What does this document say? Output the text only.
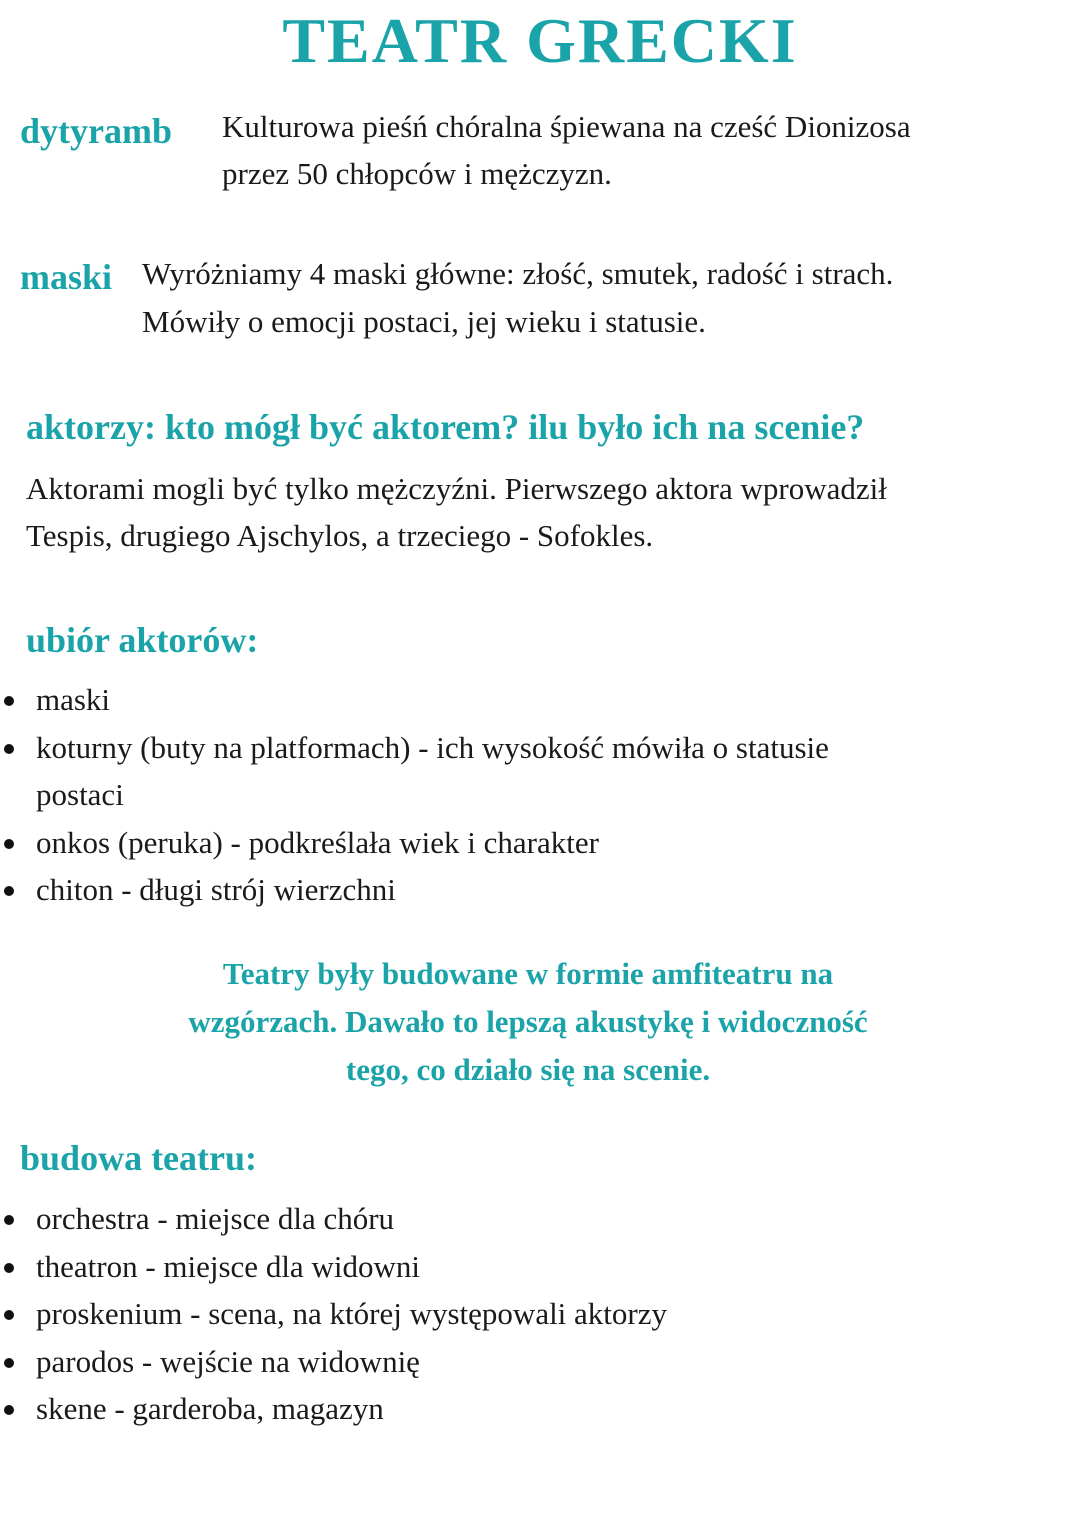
TEATR GRECKI
dytyramb Kulturowa pieśń chóralna śpiewana na cześć Dionizosa
przez 50 chłopców i mężczyzn.
maski Wyróżniamy 4 maski główne: złość, smutek, radość i strach.
Mówiły o emocji postaci, jej wieku i statusie.
aktorzy: kto mógł być aktorem? ilu było ich na scenie?
Aktorami mogli być tylko mężczyźni. Pierwszego aktora wprowadził
Tespis, drugiego Ajschylos, a trzeciego - Sofokles.
ubiór aktorów:
maski
koturny (buty na platformach) - ich wysokość mówiła o statusie postaci
onkos (peruka) - podkreślała wiek i charakter
chiton - długi strój wierzchni
Teatry były budowane w formie amfiteatru na
wzgórzach. Dawało to lepszą akustykę i widoczność
tego, co działo się na scenie.
budowa teatru:
orchestra - miejsce dla chóru
theatron - miejsce dla widowni
proskenium - scena, na której występowali aktorzy
parodos - wejście na widownię
skene - garderoba, magazyn
